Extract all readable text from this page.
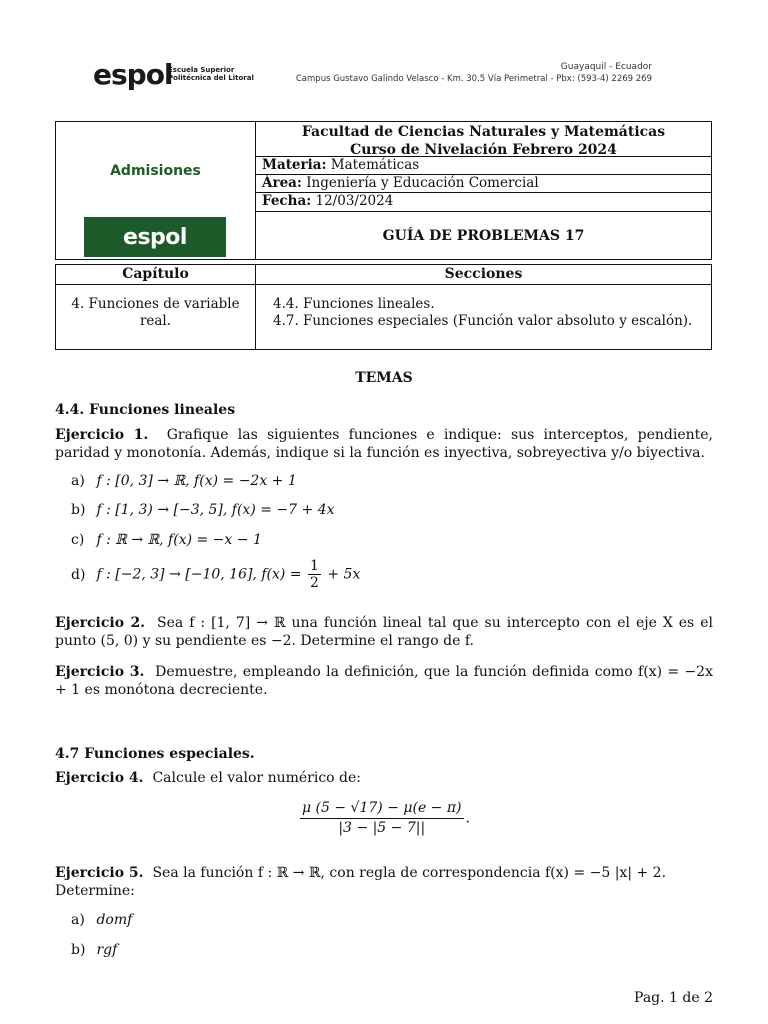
espol
Escuela Superior
Politécnica del Litoral
Guayaquil - Ecuador
Campus Gustavo Galindo Velasco - Km. 30.5 Vía Perimetral - Pbx: (593-4) 2269 269
Admisiones
espol
Facultad de Ciencias Naturales y Matemáticas
Curso de Nivelación Febrero 2024
Materia: Matemáticas
Área: Ingeniería y Educación Comercial
Fecha: 12/03/2024
GUÍA DE PROBLEMAS 17
Capítulo	Secciones
4. Funciones de variable
real.
4.4. Funciones lineales.
4.7. Funciones especiales (Función valor absoluto y escalón).
TEMAS
4.4. Funciones lineales
Ejercicio 1. Grafique las siguientes funciones e indique: sus interceptos, pendiente, paridad y monotonía. Además, indique si la función es inyectiva, sobreyectiva y/o biyectiva.
a) f : [0, 3] → ℝ, f(x) = −2x + 1
b) f : [1, 3) → [−3, 5], f(x) = −7 + 4x
c) f : ℝ → ℝ, f(x) = −x − 1
d) f : [−2, 3] → [−10, 16], $f(x) = \frac{1}{2} + 5x$
Ejercicio 2. Sea f : [1, 7] → ℝ una función lineal tal que su intercepto con el eje X es el punto (5, 0) y su pendiente es −2. Determine el rango de f.
Ejercicio 3. Demuestre, empleando la definición, que la función definida como f(x) = −2x + 1 es monótona decreciente.
4.7 Funciones especiales.
Ejercicio 4. Calcule el valor numérico de:
$\frac{\mu (5 - √17) - \mu(e - \pi)}{|3 - |5 - 7||}$ .
Ejercicio 5. Sea la función f : ℝ → ℝ, con regla de correspondencia f(x) = −5 |x| + 2.
Determine:
a) domf
b) rgf
Pag. 1 de 2
